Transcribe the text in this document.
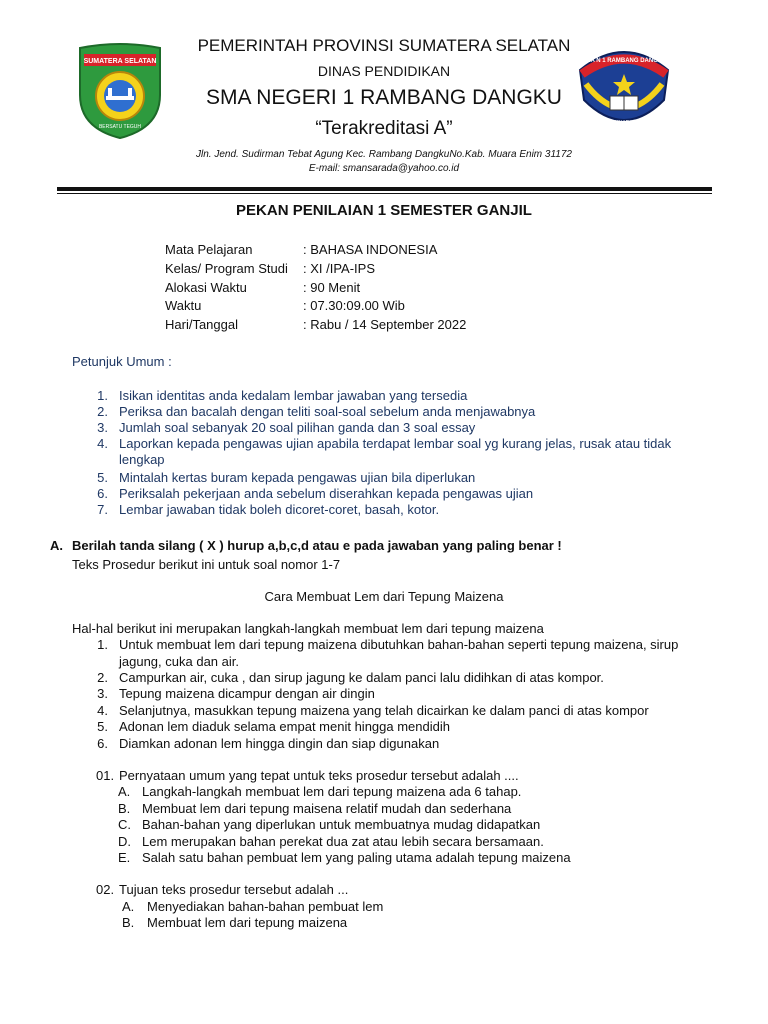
SUMATERA SELATAN
BERSATU TEGUH
SMA N 1 RAMBANG DANGKU
KAB. MUARA ENIM
PEMERINTAH PROVINSI SUMATERA SELATAN
DINAS PENDIDIKAN
SMA NEGERI 1 RAMBANG DANGKU
“Terakreditasi A”
Jln. Jend. Sudirman Tebat Agung Kec. Rambang DangkuNo.Kab. Muara Enim 31172
E-mail: smansarada@yahoo.co.id
PEKAN PENILAIAN 1 SEMESTER GANJIL
Mata Pelajaran	: BAHASA INDONESIA
Kelas/ Program Studi : XI /IPA-IPS
Alokasi Waktu	: 90 Menit
Waktu	: 07.30:09.00 Wib
Hari/Tanggal	: Rabu / 14 September 2022
Petunjuk Umum :
1. Isikan identitas anda kedalam lembar jawaban yang tersedia
2. Periksa dan bacalah dengan teliti soal-soal sebelum anda menjawabnya
3. Jumlah soal sebanyak 20 soal pilihan ganda dan 3 soal essay
4. Laporkan kepada pengawas ujian apabila terdapat lembar soal yg kurang jelas, rusak atau tidak
lengkap
5. Mintalah kertas buram kepada pengawas ujian bila diperlukan
6. Periksalah pekerjaan anda sebelum diserahkan kepada pengawas ujian
7. Lembar jawaban tidak boleh dicoret-coret, basah, kotor.
A. Berilah tanda silang ( X ) hurup a,b,c,d atau e pada jawaban yang paling benar !
Teks Prosedur berikut ini untuk soal nomor 1-7
Cara Membuat Lem dari Tepung Maizena
Hal-hal berikut ini merupakan langkah-langkah membuat lem dari tepung maizena
1. Untuk membuat lem dari tepung maizena dibutuhkan bahan-bahan seperti tepung maizena, sirup
jagung, cuka dan air.
2. Campurkan air, cuka , dan sirup jagung ke dalam panci lalu didihkan di atas kompor.
3. Tepung maizena dicampur dengan air dingin
4. Selanjutnya, masukkan tepung maizena yang telah dicairkan ke dalam panci di atas kompor
5. Adonan lem diaduk selama empat menit hingga mendidih
6. Diamkan adonan lem hingga dingin dan siap digunakan
01. Pernyataan umum yang tepat untuk teks prosedur tersebut adalah ....
A. Langkah-langkah membuat lem dari tepung maizena ada 6 tahap.
B. Membuat lem dari tepung maisena relatif mudah dan sederhana
C. Bahan-bahan yang diperlukan untuk membuatnya mudag didapatkan
D. Lem merupakan bahan perekat dua zat atau lebih secara bersamaan.
E. Salah satu bahan pembuat lem yang paling utama adalah tepung maizena
02. Tujuan teks prosedur tersebut adalah ...
A. Menyediakan bahan-bahan pembuat lem
B. Membuat lem dari tepung maizena
